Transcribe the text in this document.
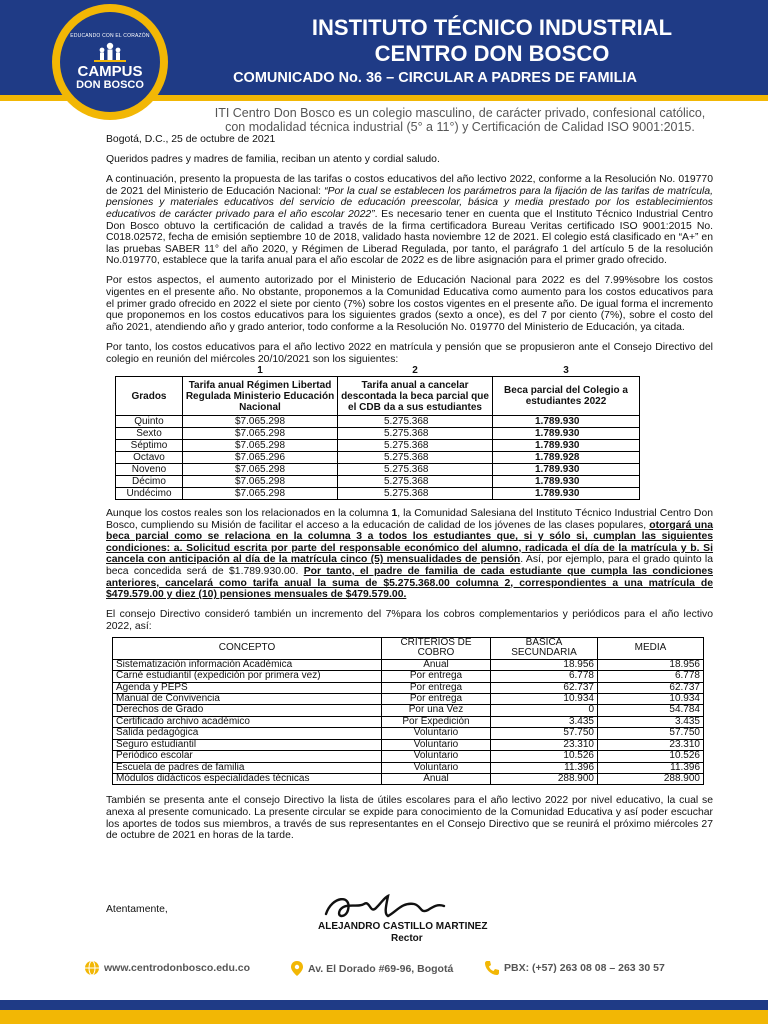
EDUCANDO CON EL CORAZÓN
CAMPUS
DON BOSCO
INSTITUTO TÉCNICO INDUSTRIAL
CENTRO DON BOSCO
COMUNICADO No. 36 – CIRCULAR A PADRES DE FAMILIA
ITI Centro Don Bosco es un colegio masculino, de carácter privado, confesional católico,
con modalidad técnica industrial (5° a 11°) y Certificación de Calidad ISO 9001:2015.

Bogotá, D.C., 25 de octubre de 2021

Queridos padres y madres de familia, reciban un atento y cordial saludo.

A continuación, presento la propuesta de las tarifas o costos educativos del año lectivo 2022, conforme a la Resolución No. 019770 de 2021 del Ministerio de Educación Nacional: “Por la cual se establecen los parámetros para la fijación de las tarifas de matrícula, pensiones y materiales educativos del servicio de educación preescolar, básica y media prestado por los establecimientos educativos de carácter privado para el año escolar 2022”. Es necesario tener en cuenta que el Instituto Técnico Industrial Centro Don Bosco obtuvo la certificación de calidad a través de la firma certificadora Bureau Veritas certificado ISO 9001:2015 No. C018.02572, fecha de emisión septiembre 10 de 2018, validado hasta noviembre 12 de 2021. El colegio está clasificado en “A+” en las pruebas SABER 11° del año 2020, y Régimen de Liberad Regulada, por tanto, el parágrafo 1 del artículo 5 de la resolución No.019770, establece que la tarifa anual para el año escolar de 2022 es de libre asignación para el primer grado ofrecido.

Por estos aspectos, el aumento autorizado por el Ministerio de Educación Nacional para 2022 es del 7.99%sobre los costos vigentes en el presente año. No obstante, proponemos a la Comunidad Educativa como aumento para los costos educativos para el primer grado ofrecido en 2022 el siete por ciento (7%) sobre los costos vigentes en el presente año. De igual forma el incremento que proponemos en los costos educativos para los siguientes grados (sexto a once), es del 7 por ciento (7%), sobre el costo del año 2021, atendiendo año y grado anterior, todo conforme a la Resolución No. 019770 del Ministerio de Educación, ya citada.

Por tanto, los costos educativos para el año lectivo 2022 en matrícula y pensión que se propusieron ante el Consejo Directivo del colegio en reunión del miércoles 20/10/2021 son los siguientes:

	1	2	3
Grados	Tarifa anual Régimen Libertad Regulada Ministerio Educación Nacional	Tarifa anual a cancelar descontada la beca parcial que el CDB da a sus estudiantes	Beca parcial del Colegio a estudiantes 2022
Quinto	$7.065.298	5.275.368	1.789.930
Sexto	$7.065.298	5.275.368	1.789.930
Séptimo	$7.065.298	5.275.368	1.789.930
Octavo	$7.065.296	5.275.368	1.789.928
Noveno	$7.065.298	5.275.368	1.789.930
Décimo	$7.065.298	5.275.368	1.789.930
Undécimo	$7.065.298	5.275.368	1.789.930

Aunque los costos reales son los relacionados en la columna 1, la Comunidad Salesiana del Instituto Técnico Industrial Centro Don Bosco, cumpliendo su Misión de facilitar el acceso a la educación de calidad de los jóvenes de las clases populares, otorgará una beca parcial como se relaciona en la columna 3 a todos los estudiantes que, si y sólo si, cumplan las siguientes condiciones: a. Solicitud escrita por parte del responsable económico del alumno, radicada el día de la matrícula y b. Si cancela con anticipación al día de la matrícula cinco (5) mensualidades de pensión. Así, por ejemplo, para el grado quinto la beca concedida será de $1.789.930.00. Por tanto, el padre de familia de cada estudiante que cumpla las condiciones anteriores, cancelará como tarifa anual la suma de $5.275.368.00 columna 2, correspondientes a una matrícula de $479.579.00 y diez (10) pensiones mensuales de $479.579.00.

El consejo Directivo consideró también un incremento del 7%para los cobros complementarios y periódicos para el año lectivo 2022, así:

CONCEPTO	CRITERIOS DE COBRO	BASICA SECUNDARIA	MEDIA
Sistematización información Académica	Anual	18.956	18.956
Carné estudiantil (expedición por primera vez)	Por entrega	6.778	6.778
Agenda y PEPS	Por entrega	62.737	62.737
Manual de Convivencia	Por entrega	10.934	10.934
Derechos de Grado	Por una Vez	0	54.784
Certificado archivo académico	Por Expedición	3.435	3.435
Salida pedagógica	Voluntario	57.750	57.750
Seguro estudiantil	Voluntario	23.310	23.310
Periódico escolar	Voluntario	10.526	10.526
Escuela de padres de familia	Voluntario	11.396	11.396
Módulos didácticos especialidades técnicas	Anual	288.900	288.900

También se presenta ante el consejo Directivo la lista de útiles escolares para el año lectivo 2022 por nivel educativo, la cual se anexa al presente comunicado. La presente circular se expide para conocimiento de la Comunidad Educativa y así poder escuchar los aportes de todos sus miembros, a través de sus representantes en el Consejo Directivo que se reunirá el próximo miércoles 27 de octubre de 2021 en horas de la tarde.

Atentamente,
ALEJANDRO CASTILLO MARTINEZ
Rector
www.centrodonbosco.edu.co	Av. El Dorado #69-96, Bogotá	PBX: (+57) 263 08 08 – 263 30 57
